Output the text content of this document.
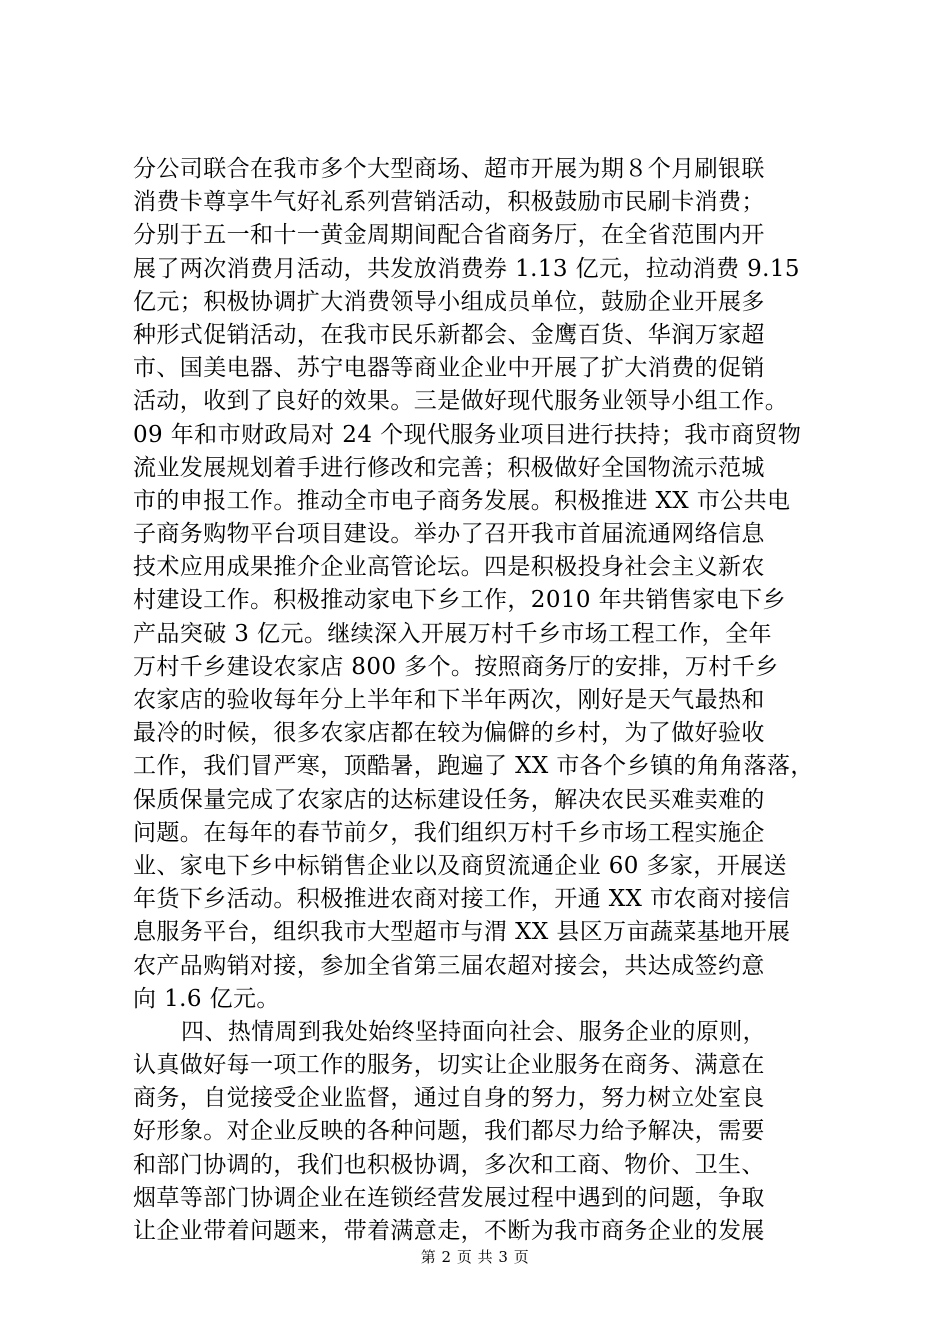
分公司联合在我市多个大型商场、超市开展为期８个月刷银联
消费卡尊享牛气好礼系列营销活动，积极鼓励市民刷卡消费；
分别于五一和十一黄金周期间配合省商务厅，在全省范围内开
展了两次消费月活动，共发放消费券 1.13 亿元，拉动消费 9.15
亿元；积极协调扩大消费领导小组成员单位，鼓励企业开展多
种形式促销活动，在我市民乐新都会、金鹰百货、华润万家超
市、国美电器、苏宁电器等商业企业中开展了扩大消费的促销
活动，收到了良好的效果。三是做好现代服务业领导小组工作。
09 年和市财政局对 24 个现代服务业项目进行扶持；我市商贸物
流业发展规划着手进行修改和完善；积极做好全国物流示范城
市的申报工作。推动全市电子商务发展。积极推进 XX 市公共电
子商务购物平台项目建设。举办了召开我市首届流通网络信息
技术应用成果推介企业高管论坛。四是积极投身社会主义新农
村建设工作。积极推动家电下乡工作，2010 年共销售家电下乡
产品突破 3 亿元。继续深入开展万村千乡市场工程工作，全年
万村千乡建设农家店 800 多个。按照商务厅的安排，万村千乡
农家店的验收每年分上半年和下半年两次，刚好是天气最热和
最冷的时候，很多农家店都在较为偏僻的乡村，为了做好验收
工作，我们冒严寒，顶酷暑，跑遍了 XX 市各个乡镇的角角落落，
保质保量完成了农家店的达标建设任务，解决农民买难卖难的
问题。在每年的春节前夕，我们组织万村千乡市场工程实施企
业、家电下乡中标销售企业以及商贸流通企业 60 多家，开展送
年货下乡活动。积极推进农商对接工作，开通 XX 市农商对接信
息服务平台，组织我市大型超市与渭 XX 县区万亩蔬菜基地开展
农产品购销对接，参加全省第三届农超对接会，共达成签约意
向 1.6 亿元。
四、热情周到我处始终坚持面向社会、服务企业的原则，
认真做好每一项工作的服务，切实让企业服务在商务、满意在
商务，自觉接受企业监督，通过自身的努力，努力树立处室良
好形象。对企业反映的各种问题，我们都尽力给予解决，需要
和部门协调的，我们也积极协调，多次和工商、物价、卫生、
烟草等部门协调企业在连锁经营发展过程中遇到的问题，争取
让企业带着问题来，带着满意走，不断为我市商务企业的发展
第 2 页 共 3 页
